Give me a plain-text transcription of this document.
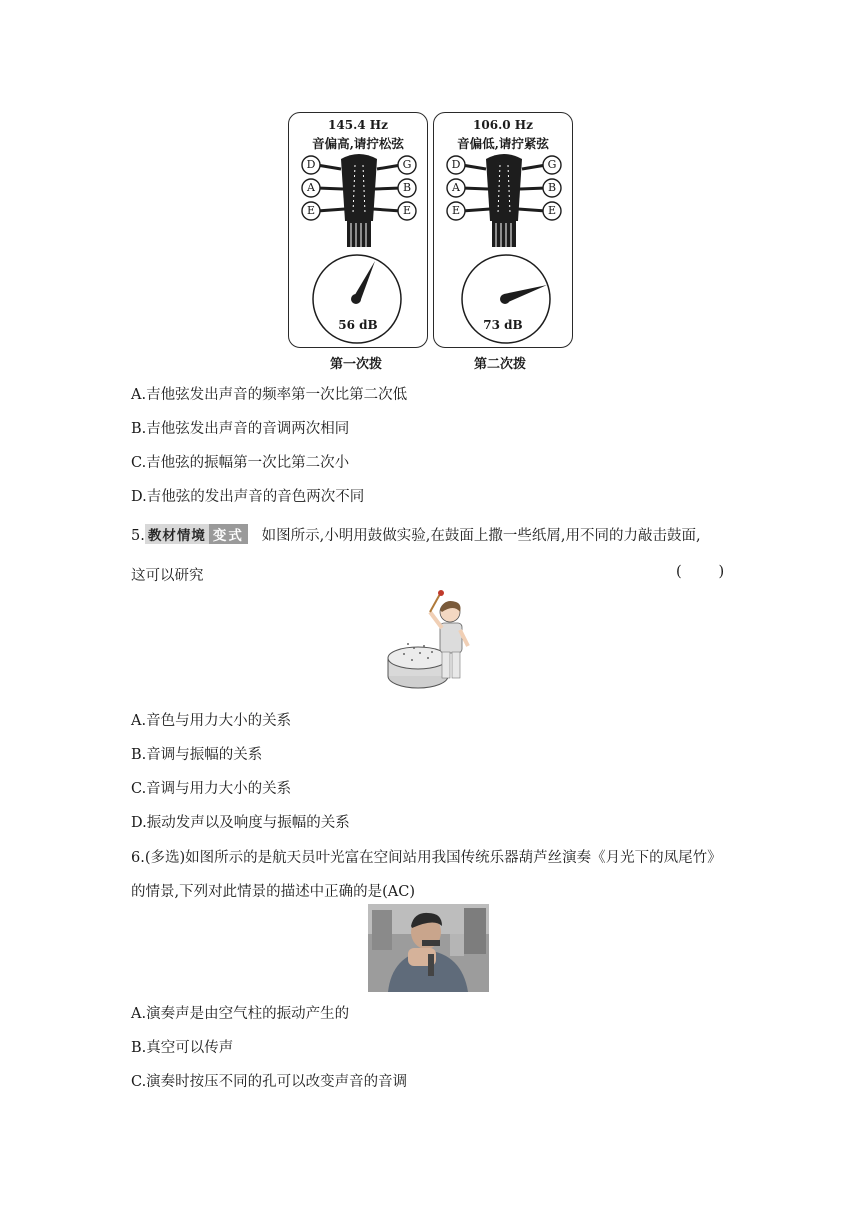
145.4 Hz
音偏高,请拧松弦
D
A
E
G
B
E
56 dB
第一次拨
106.0 Hz
音偏低,请拧紧弦
D
A
E
G
B
E
73 dB
第二次拨
A.吉他弦发出声音的频率第一次比第二次低
B.吉他弦发出声音的音调两次相同
C.吉他弦的振幅第一次比第二次小
D.吉他弦的发出声音的音色两次不同
5. 教材情境 变式 如图所示,小明用鼓做实验,在鼓面上撒一些纸屑,用不同的力敲击鼓面,
这可以研究	(        )
A.音色与用力大小的关系
B.音调与振幅的关系
C.音调与用力大小的关系
D.振动发声以及响度与振幅的关系
6.(多选)如图所示的是航天员叶光富在空间站用我国传统乐器葫芦丝演奏《月光下的凤尾竹》
的情景,下列对此情景的描述中正确的是(AC)
A.演奏声是由空气柱的振动产生的
B.真空可以传声
C.演奏时按压不同的孔可以改变声音的音调
